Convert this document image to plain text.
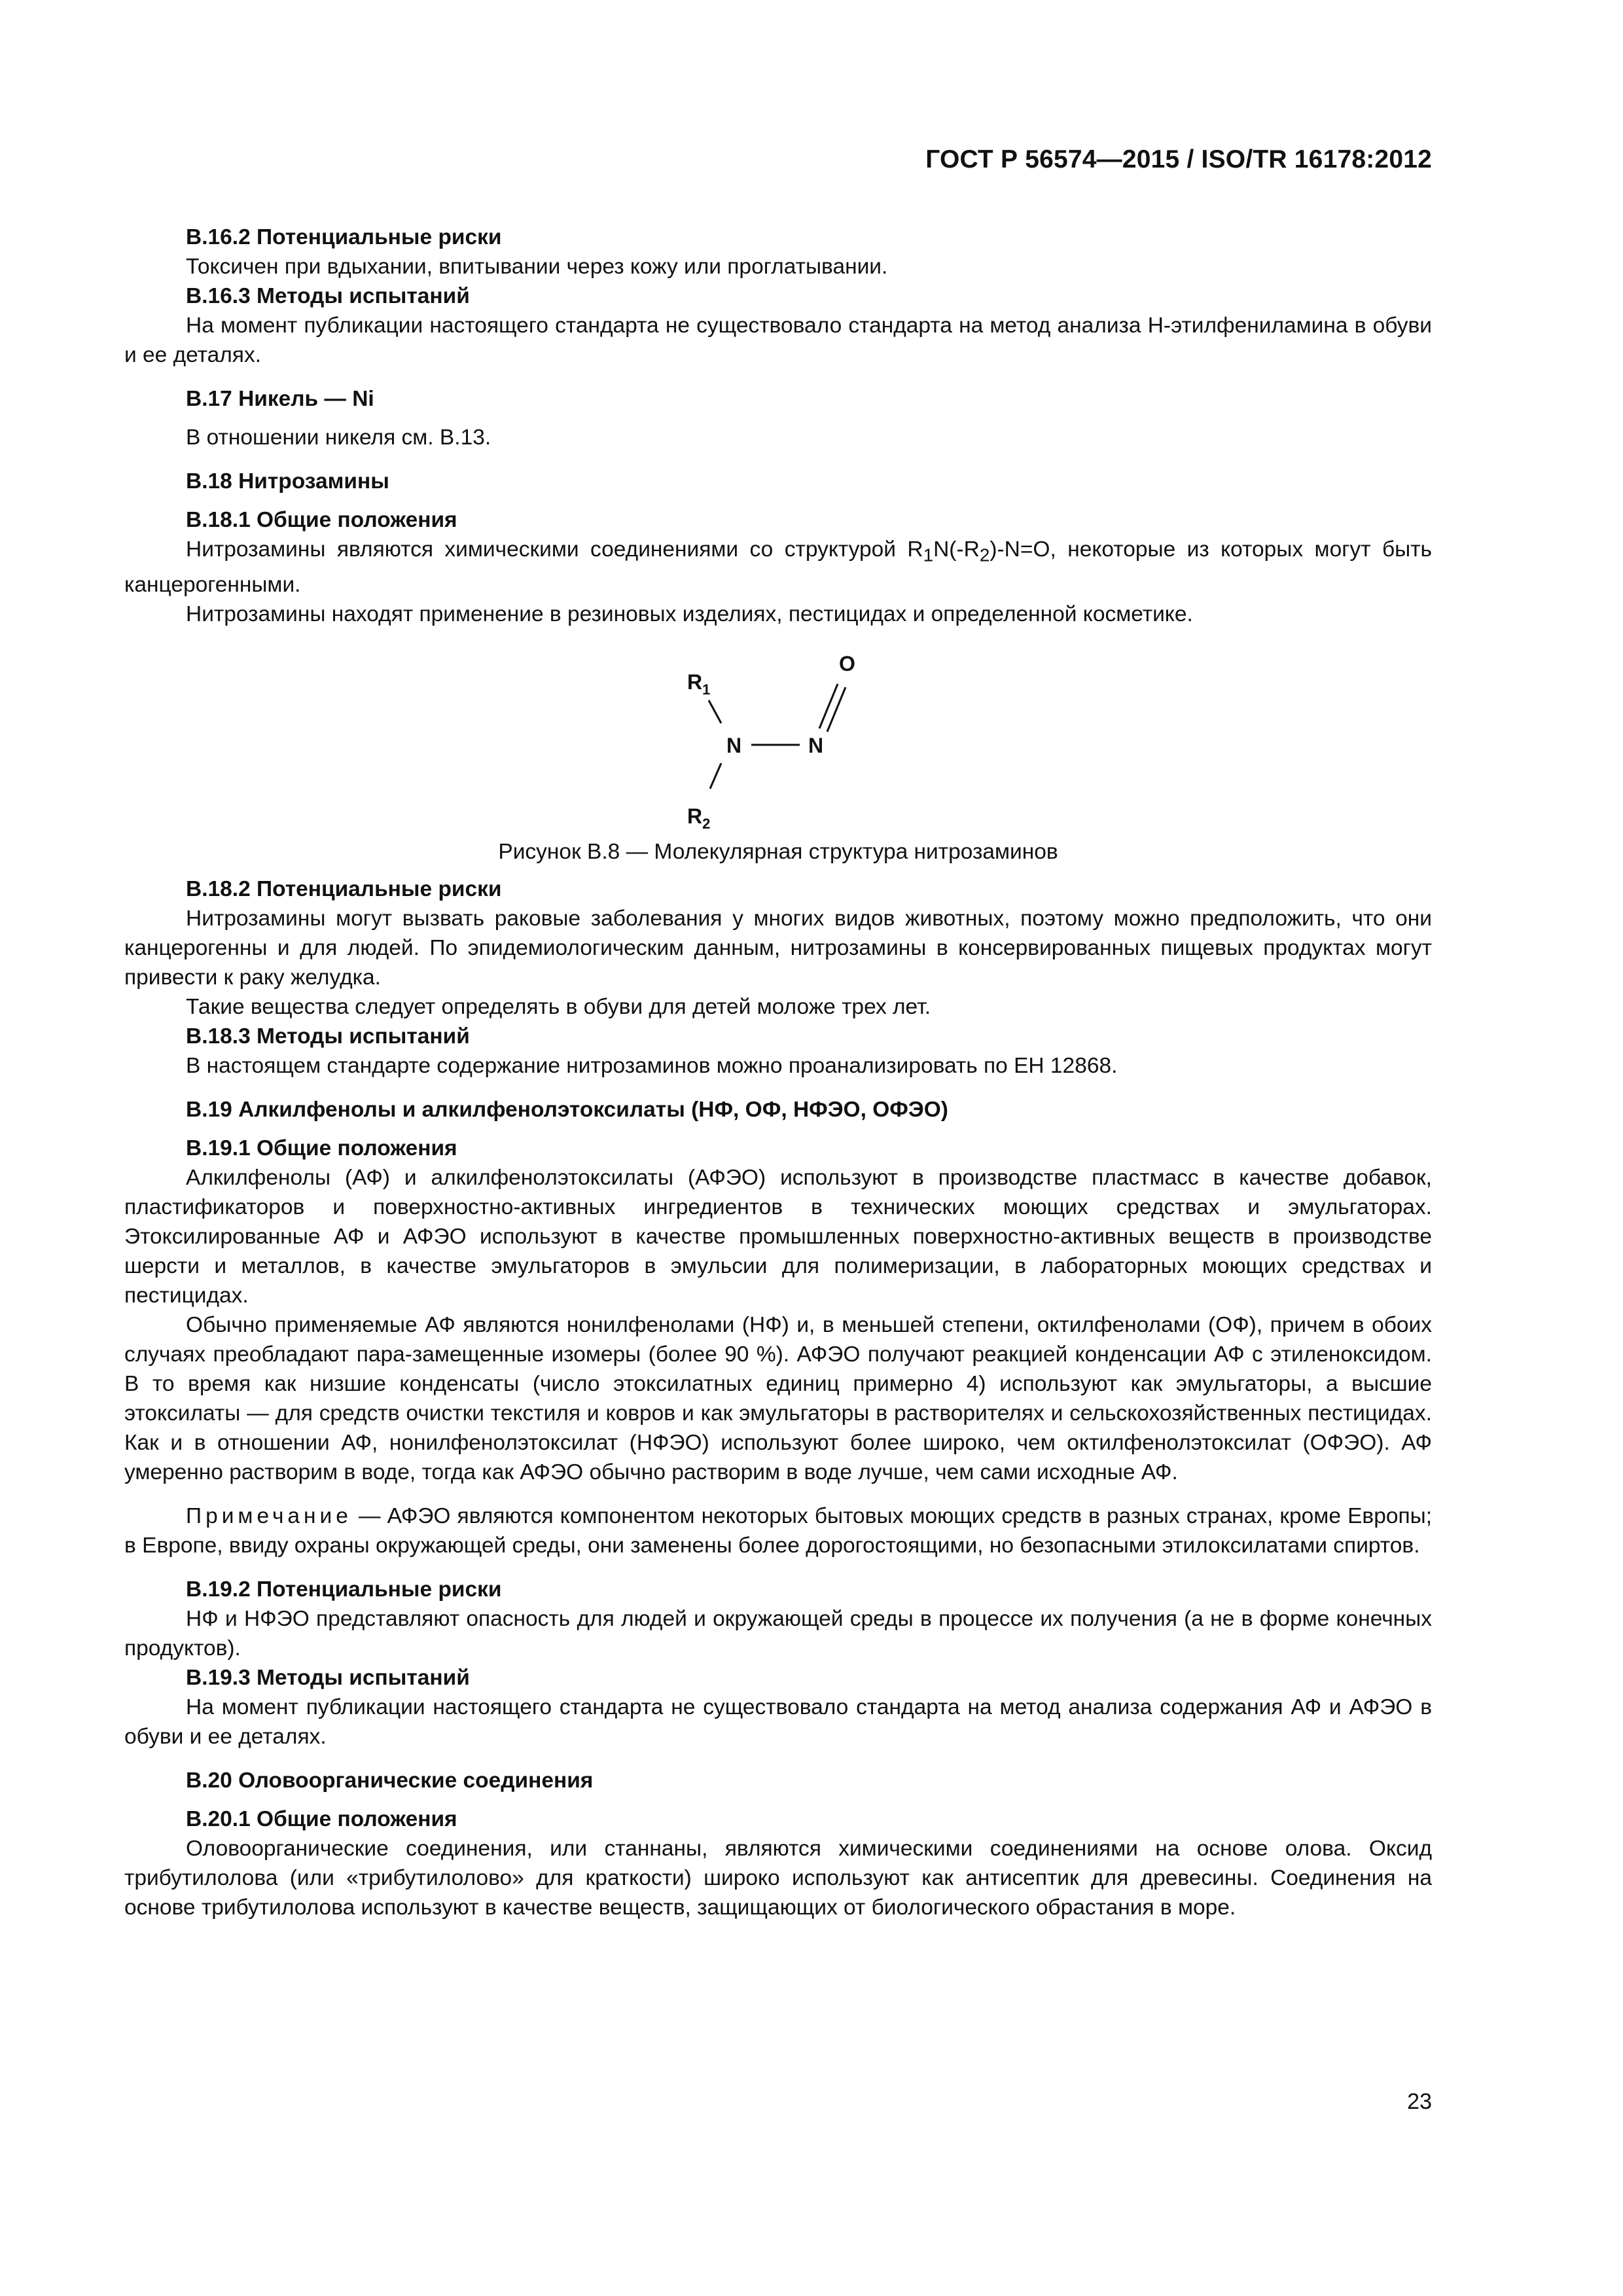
ГОСТ Р 56574—2015 / ISO/TR 16178:2012
В.16.2 Потенциальные риски
Токсичен при вдыхании, впитывании через кожу или проглатывании.
В.16.3 Методы испытаний
На момент публикации настоящего стандарта не существовало стандарта на метод анализа Н-этилфениламина в обуви и ее деталях.
В.17 Никель — Ni
В отношении никеля см. В.13.
В.18 Нитрозамины
В.18.1 Общие положения
Нитрозамины являются химическими соединениями со структурой $R_1N(-R_2)-N=O$, некоторые из которых могут быть канцерогенными.
Нитрозамины находят применение в резиновых изделиях, пестицидах и определенной косметике.
$R_1$
N	N
O
$R_2$
Рисунок В.8 — Молекулярная структура нитрозаминов
В.18.2 Потенциальные риски
Нитрозамины могут вызвать раковые заболевания у многих видов животных, поэтому можно предположить, что они канцерогенны и для людей. По эпидемиологическим данным, нитрозамины в консервированных пищевых продуктах могут привести к раку желудка.
Такие вещества следует определять в обуви для детей моложе трех лет.
В.18.3 Методы испытаний
В настоящем стандарте содержание нитрозаминов можно проанализировать по ЕН 12868.
В.19 Алкилфенолы и алкилфенолэтоксилаты (НФ, ОФ, НФЭО, ОФЭО)
В.19.1 Общие положения
Алкилфенолы (АФ) и алкилфенолэтоксилаты (АФЭО) используют в производстве пластмасс в качестве добавок, пластификаторов и поверхностно-активных ингредиентов в технических моющих средствах и эмульгаторах. Этоксилированные АФ и АФЭО используют в качестве промышленных поверхностно-активных веществ в производстве шерсти и металлов, в качестве эмульгаторов в эмульсии для полимеризации, в лабораторных моющих средствах и пестицидах.
Обычно применяемые АФ являются нонилфенолами (НФ) и, в меньшей степени, октилфенолами (ОФ), причем в обоих случаях преобладают пара-замещенные изомеры (более 90 %). АФЭО получают реакцией конденсации АФ с этиленоксидом. В то время как низшие конденсаты (число этоксилатных единиц примерно 4) используют как эмульгаторы, а высшие этоксилаты — для средств очистки текстиля и ковров и как эмульгаторы в растворителях и сельскохозяйственных пестицидах. Как и в отношении АФ, нонилфенолэтоксилат (НФЭО) используют более широко, чем октилфенолэтоксилат (ОФЭО). АФ умеренно растворим в воде, тогда как АФЭО обычно растворим в воде лучше, чем сами исходные АФ.
Примечание — АФЭО являются компонентом некоторых бытовых моющих средств в разных странах, кроме Европы; в Европе, ввиду охраны окружающей среды, они заменены более дорогостоящими, но безопасными этилоксилатами спиртов.
В.19.2 Потенциальные риски
НФ и НФЭО представляют опасность для людей и окружающей среды в процессе их получения (а не в форме конечных продуктов).
В.19.3 Методы испытаний
На момент публикации настоящего стандарта не существовало стандарта на метод анализа содержания АФ и АФЭО в обуви и ее деталях.
В.20 Оловоорганические соединения
В.20.1 Общие положения
Оловоорганические соединения, или станнаны, являются химическими соединениями на основе олова. Оксид трибутилолова (или «трибутилолово» для краткости) широко используют как антисептик для древесины. Соединения на основе трибутилолова используют в качестве веществ, защищающих от биологического обрастания в море.
23
